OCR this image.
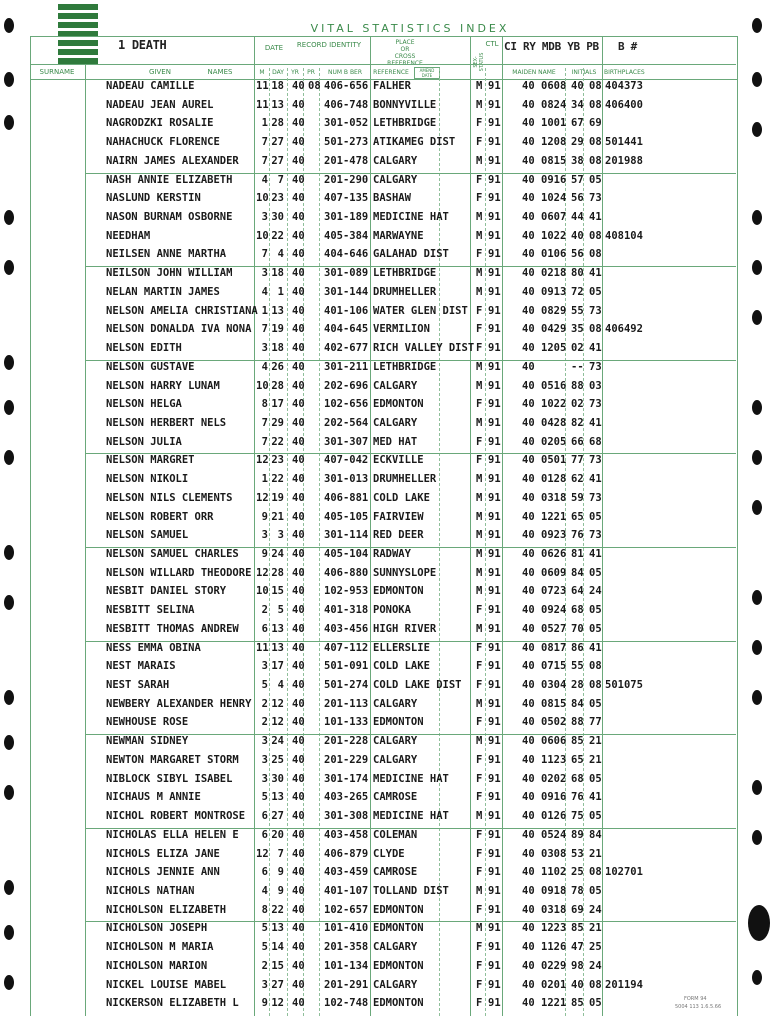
VITAL STATISTICS INDEX
1 DEATH	DATE	RECORD IDENTITY	PLACE
OR
CROSS
REFERENCE	SEX-STATUS
CTL CI RY MDB YB PB B #
SURNAME	GIVEN	NAMES	M	DAY	YR	PR	NUM B BER	REFERENCE	AMEND DATE	MAIDEN NAME	INITIALS	BIRTHPLACES
NADEAU CAMILLE	11 18 40 08 406-656 FALHER	M 91 40 0608 40 08 404373
NADEAU JEAN AUREL	11 13 40 406-748 BONNYVILLE	M 91 40 0824 34 08 406400
NAGRODZKI ROSALIE	1 28 40 301-052 LETHBRIDGE	F 91 40 1001 67 69
NAHACHUCK FLORENCE	7 27 40 501-273 ATIKAMEG DIST F 91 40 1208 29 08 501441
NAIRN JAMES ALEXANDER	7 27 40 201-478 CALGARY	M 91 40 0815 38 08 201988
NASH ANNIE ELIZABETH	4 7 40 201-290 CALGARY	F 91 40 0916 57 05
NASLUND KERSTIN	10 23 40 407-135 BASHAW	F 91 40 1024 56 73
NASON BURNAM OSBORNE	3 30 40 301-189 MEDICINE HAT	M 91 40 0607 44 41
NEEDHAM	10 22 40 405-384 MARWAYNE	M 91 40 1022 40 08 408104
NEILSEN ANNE MARTHA	7 4 40 404-646 GALAHAD DIST	F 91 40 0106 56 08
NEILSON JOHN WILLIAM	3 18 40 301-089 LETHBRIDGE	M 91 40 0218 80 41
NELAN MARTIN JAMES	4 1 40 301-144 DRUMHELLER	M 91 40 0913 72 05
NELSON AMELIA CHRISTIANA 1 13 40 401-106 WATER GLEN DIST F 91 40 0829 55 73
NELSON DONALDA IVA NONA 7 19 40 404-645 VERMILION	F 91 40 0429 35 08 406492
NELSON EDITH	3 18 40 402-677 RICH VALLEY DIST F 91 40 1205 02 41
NELSON GUSTAVE	4 26 40 301-211 LETHBRIDGE	M 91 40	-- 73
NELSON HARRY LUNAM	10 28 40 202-696 CALGARY	M 91 40 0516 88 03
NELSON HELGA	8 17 40 102-656 EDMONTON	F 91 40 1022 02 73
NELSON HERBERT NELS	7 29 40 202-564 CALGARY	M 91 40 0428 82 41
NELSON JULIA	7 22 40 301-307 MED HAT	F 91 40 0205 66 68
NELSON MARGRET	12 23 40 407-042 ECKVILLE	F 91 40 0501 77 73
NELSON NIKOLI	1 22 40 301-013 DRUMHELLER	M 91 40 0128 62 41
NELSON NILS CLEMENTS 12 19 40 406-881 COLD LAKE	M 91 40 0318 59 73
NELSON ROBERT ORR	9 21 40 405-105 FAIRVIEW	M 91 40 1221 65 05
NELSON SAMUEL	3 3 40 301-114 RED DEER	M 91 40 0923 76 73
NELSON SAMUEL CHARLES	9 24 40 405-104 RADWAY	M 91 40 0626 81 41
NELSON WILLARD THEODORE 12 28 40 406-880 SUNNYSLOPE	M 91 40 0609 84 05
NESBIT DANIEL STORY	10 15 40 102-953 EDMONTON	M 91 40 0723 64 24
NESBITT SELINA	2 5 40 401-318 PONOKA	F 91 40 0924 68 05
NESBITT THOMAS ANDREW	6 13 40 403-456 HIGH RIVER	M 91 40 0527 70 05
NESS EMMA OBINA	11 13 40 407-112 ELLERSLIE	F 91 40 0817 86 41
NEST MARAIS	3 17 40 501-091 COLD LAKE	F 91 40 0715 55 08
NEST SARAH	5 4 40 501-274 COLD LAKE DIST F 91 40 0304 28 08 501075
NEWBERY ALEXANDER HENRY 2 12 40 201-113 CALGARY	M 91 40 0815 84 05
NEWHOUSE ROSE	2 12 40 101-133 EDMONTON	F 91 40 0502 88 77
NEWMAN SIDNEY	3 24 40 201-228 CALGARY	M 91 40 0606 85 21
NEWTON MARGARET STORM	3 25 40 201-229 CALGARY	F 91 40 1123 65 21
NIBLOCK SIBYL ISABEL	3 30 40 301-174 MEDICINE HAT	F 91 40 0202 68 05
NICHAUS M ANNIE	5 13 40 403-265 CAMROSE	F 91 40 0916 76 41
NICHOL ROBERT MONTROSE	6 27 40 301-308 MEDICINE HAT	M 91 40 0126 75 05
NICHOLAS ELLA HELEN E	6 20 40 403-458 COLEMAN	F 91 40 0524 89 84
NICHOLS ELIZA JANE	12 7 40 406-879 CLYDE	F 91 40 0308 53 21
NICHOLS JENNIE ANN	6 9 40 403-459 CAMROSE	F 91 40 1102 25 08 102701
NICHOLS NATHAN	4 9 40 401-107 TOLLAND DIST	M 91 40 0918 78 05
NICHOLSON ELIZABETH	8 22 40 102-657 EDMONTON	F 91 40 0318 69 24
NICHOLSON JOSEPH	5 13 40 101-410 EDMONTON	M 91 40 1223 85 21
NICHOLSON M MARIA	5 14 40 201-358 CALGARY	F 91 40 1126 47 25
NICHOLSON MARION	2 15 40 101-134 EDMONTON	F 91 40 0229 98 24
NICKEL LOUISE MABEL	3 27 40 201-291 CALGARY	F 91 40 0201 40 08 201194
NICKERSON ELIZABETH L	9 12 40 102-748 EDMONTON	F 91 40 1221 85 05	FORM 94
5004 113 1.6.5.66
